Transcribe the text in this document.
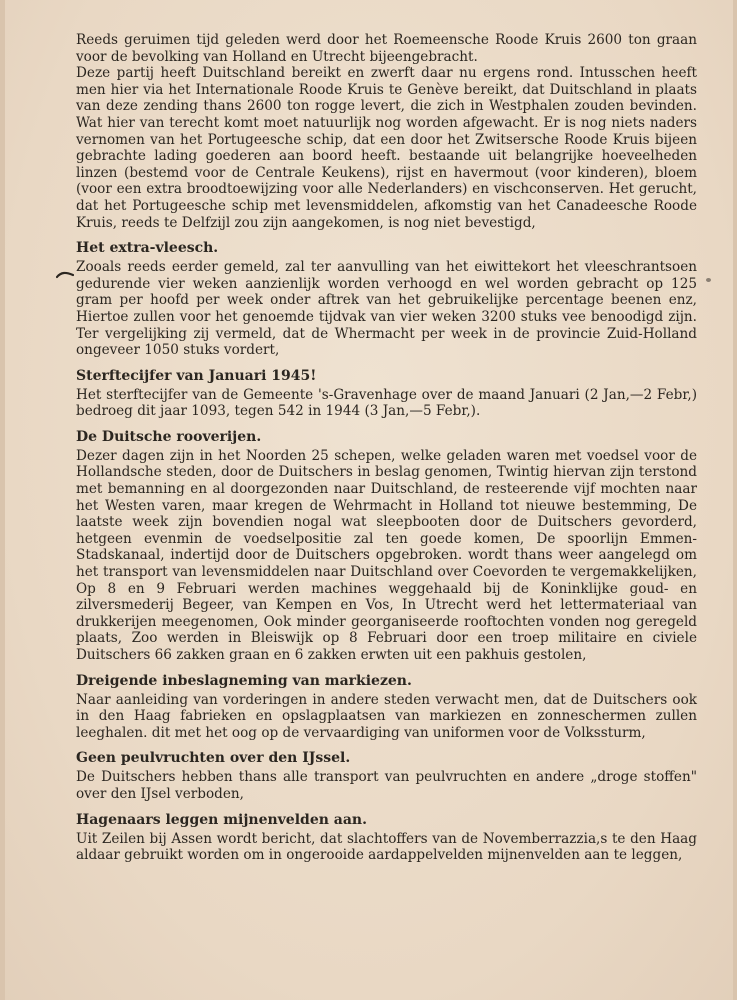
Reeds geruimen tijd geleden werd door het Roemeensche Roode Kruis 2600 ton graan voor de bevolking van Holland en Utrecht bijeengebracht.

Deze partij heeft Duitschland bereikt en zwerft daar nu ergens rond. Intusschen heeft men hier via het Internationale Roode Kruis te Genève bereikt, dat Duitschland in plaats van deze zending thans 2600 ton rogge levert, die zich in Westphalen zouden bevinden. Wat hier van terecht komt moet natuurlijk nog worden afgewacht. Er is nog niets naders vernomen van het Portugeesche schip, dat een door het Zwitsersche Roode Kruis bijeen gebrachte lading goederen aan boord heeft. bestaande uit belangrijke hoeveelheden linzen (bestemd voor de Centrale Keukens), rijst en havermout (voor kinderen), bloem (voor een extra broodtoewijzing voor alle Nederlanders) en vischconserven. Het gerucht, dat het Portugeesche schip met levensmiddelen, afkomstig van het Canadeesche Roode Kruis, reeds te Delfzijl zou zijn aangekomen, is nog niet bevestigd,

Het extra-vleesch.

Zooals reeds eerder gemeld, zal ter aanvulling van het eiwittekort het vleeschrantsoen gedurende vier weken aanzienlijk worden verhoogd en wel worden gebracht op 125 gram per hoofd per week onder aftrek van het gebruikelijke percentage beenen enz, Hiertoe zullen voor het genoemde tijdvak van vier weken 3200 stuks vee benoodigd zijn. Ter vergelijking zij vermeld, dat de Whermacht per week in de provincie Zuid-Holland ongeveer 1050 stuks vordert,

Sterftecijfer van Januari 1945!

Het sterftecijfer van de Gemeente 's-Gravenhage over de maand Januari (2 Jan,—2 Febr,) bedroeg dit jaar 1093, tegen 542 in 1944 (3 Jan,—5 Febr,).

De Duitsche rooverijen.

Dezer dagen zijn in het Noorden 25 schepen, welke geladen waren met voedsel voor de Hollandsche steden, door de Duitschers in beslag genomen, Twintig hiervan zijn terstond met bemanning en al doorgezonden naar Duitschland, de resteerende vijf mochten naar het Westen varen, maar kregen de Wehrmacht in Holland tot nieuwe bestemming, De laatste week zijn bovendien nogal wat sleepbooten door de Duitschers gevorderd, hetgeen evenmin de voedselpositie zal ten goede komen, De spoorlijn Emmen-Stadskanaal, indertijd door de Duitschers opgebroken. wordt thans weer aangelegd om het transport van levensmiddelen naar Duitschland over Coevorden te vergemakkelijken, Op 8 en 9 Februari werden machines weggehaald bij de Koninklijke goud- en zilversmederij Begeer, van Kempen en Vos, In Utrecht werd het lettermateriaal van drukkerijen meegenomen, Ook minder georganiseerde rooftochten vonden nog geregeld plaats, Zoo werden in Bleiswijk op 8 Februari door een troep militaire en civiele Duitschers 66 zakken graan en 6 zakken erwten uit een pakhuis gestolen,

Dreigende inbeslagneming van markiezen.

Naar aanleiding van vorderingen in andere steden verwacht men, dat de Duitschers ook in den Haag fabrieken en opslagplaatsen van markiezen en zonneschermen zullen leeghalen. dit met het oog op de vervaardiging van uniformen voor de Volkssturm,

Geen peulvruchten over den IJssel.

De Duitschers hebben thans alle transport van peulvruchten en andere „droge stoffen" over den IJsel verboden,

Hagenaars leggen mijnenvelden aan.

Uit Zeilen bij Assen wordt bericht, dat slachtoffers van de Novemberrazzia,s te den Haag aldaar gebruikt worden om in ongerooide aardappelvelden mijnenvelden aan te leggen,
